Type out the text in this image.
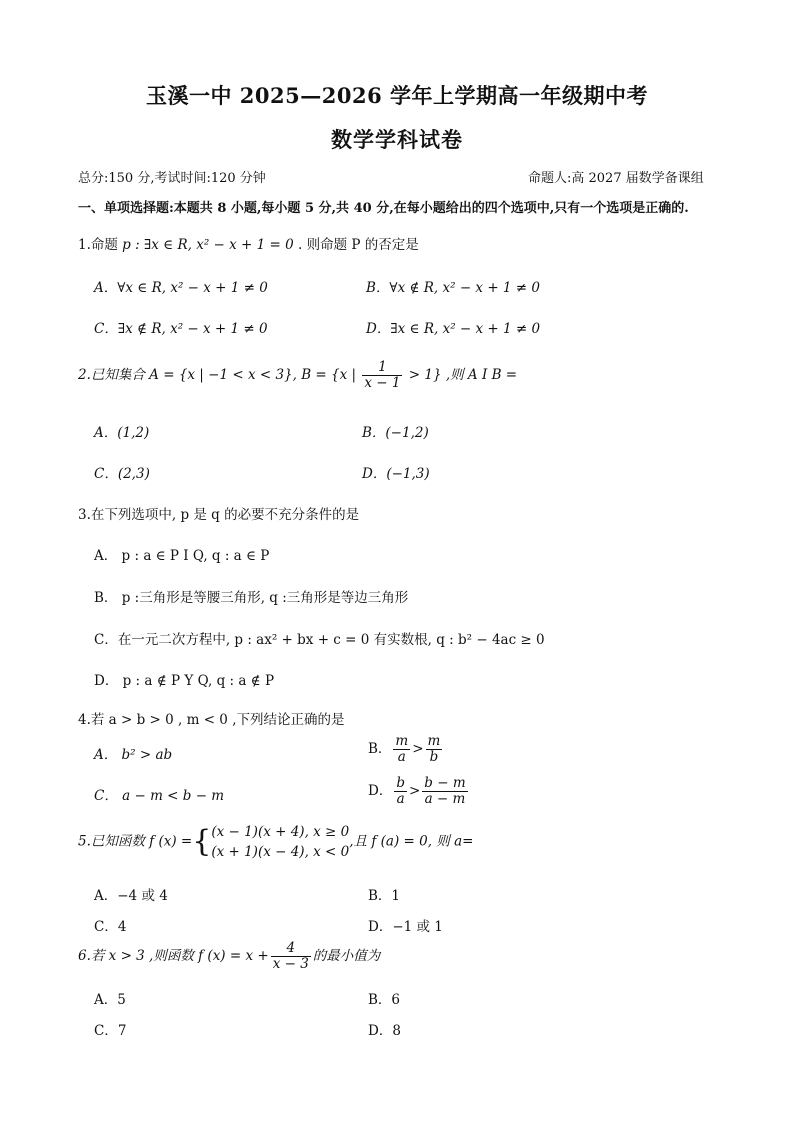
玉溪一中 2025—2026 学年上学期高一年级期中考
数学学科试卷
总分:150 分,考试时间:120 分钟	命题人:高 2027 届数学备课组
一、单项选择题:本题共 8 小题,每小题 5 分,共 40 分,在每小题给出的四个选项中,只有一个选项是正确的.
1.命题 p : ∃x ∈ R, x² − x + 1 = 0 . 则命题 P 的否定是
A．∀x ∈ R, x² − x + 1 ≠ 0	B．∀x ∉ R, x² − x + 1 ≠ 0
C．∃x ∉ R, x² − x + 1 ≠ 0	D．∃x ∈ R, x² − x + 1 ≠ 0
2.已知集合 A = {x | −1 < x < 3}, B = {x | $\frac{1}{x - 1} > 1$} ,则 A I B =
A．(1,2)	B．(−1,2)
C．(2,3)	D．(−1,3)
3.在下列选项中, p 是 q 的必要不充分条件的是
A． p : a ∈ P I Q, q : a ∈ P
B． p :三角形是等腰三角形, q :三角形是等边三角形
C．在一元二次方程中, p : ax² + bx + c = 0 有实数根, q : b² − 4ac ≥ 0
D． p : a ∉ P Y Q, q : a ∉ P
4.若 a > b > 0 , m < 0 ,下列结论正确的是
A． b² > ab	B． $\frac{m}{a} > \frac{m}{b}$
C． a − m < b − m	D． $\frac{b}{a} > \frac{b - m}{a - m}$
5.已知函数 f (x) ={ (x − 1)(x + 4), x ≥ 0
(x + 1)(x − 4), x < 0
,且 f (a) = 0, 则 a=
A．−4 或 4	B．1
C．4	D．−1 或 1
6.若 x > 3 ,则函数 f $(x) = x + \frac{4}{x - 3}$ 的最小值为
A．5	B．6
C．7	D．8
